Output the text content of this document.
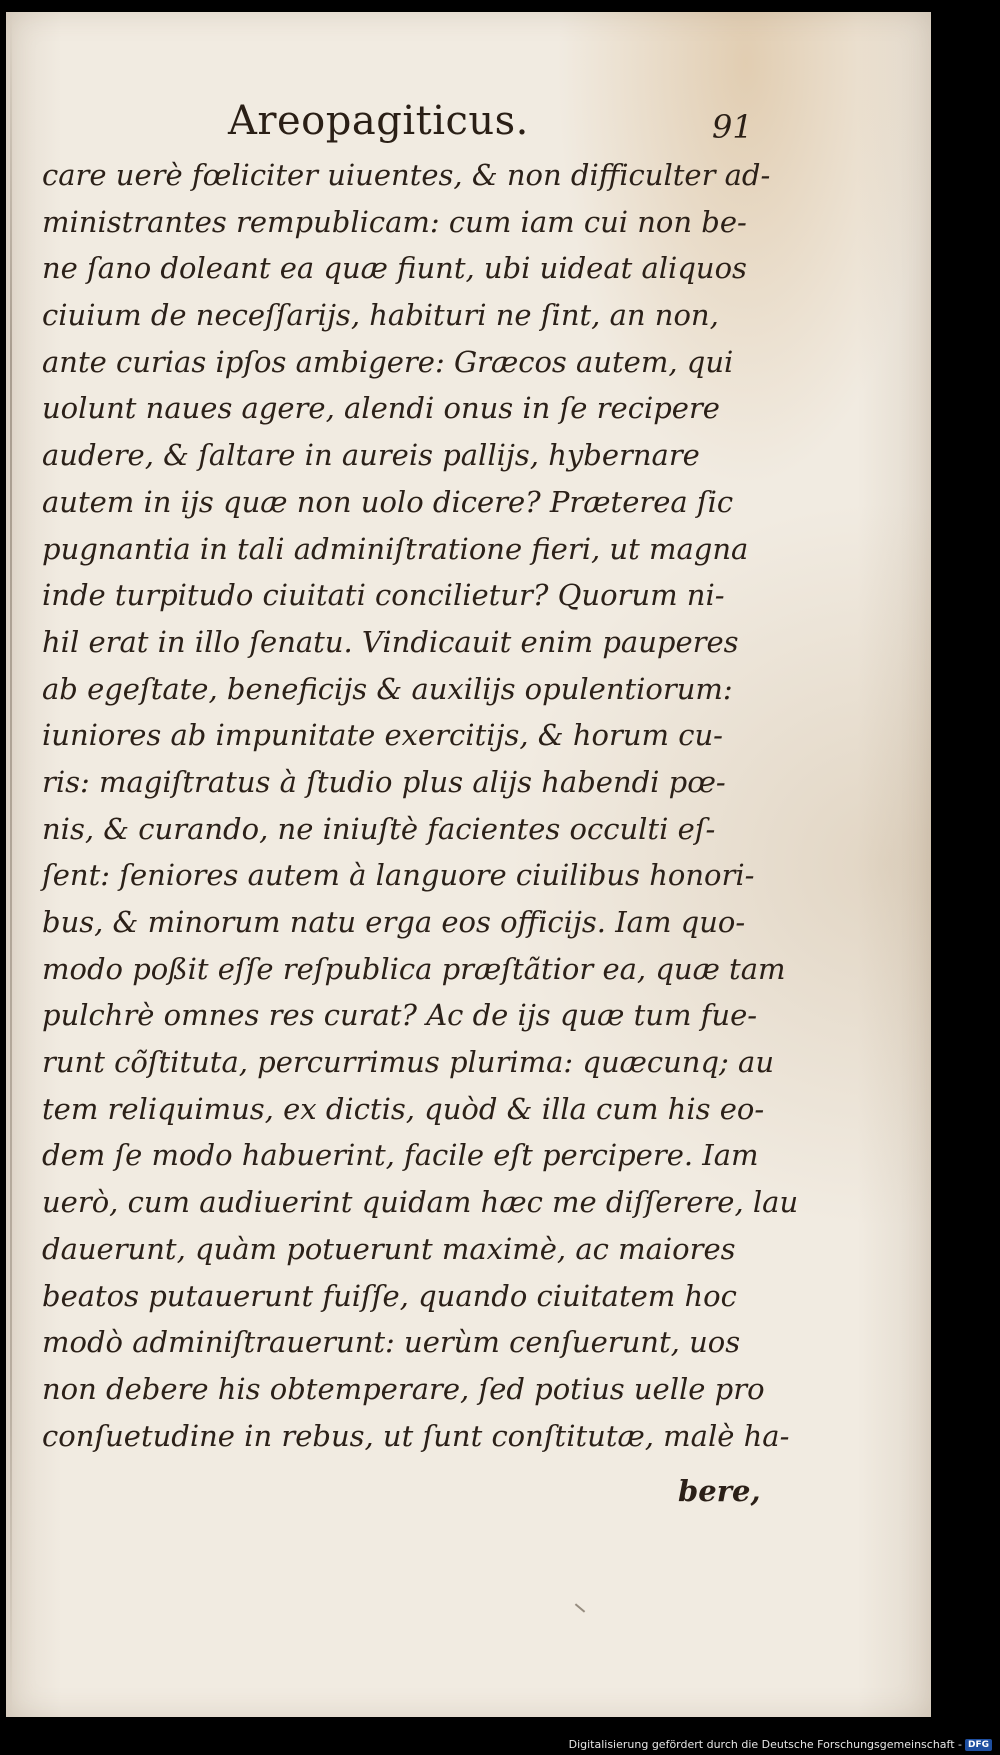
Areopagiticus.	91
care uerè fœliciter uiuentes, & non difficulter ad-
ministrantes rempublicam: cum iam cui non be-
ne ſano doleant ea quæ fiunt, ubi uideat aliquos
ciuium de neceſſarijs, habituri ne ſint, an non,
ante curias ipſos ambigere: Græcos autem, qui
uolunt naues agere, alendi onus in ſe recipere
audere, & ſaltare in aureis pallijs, hybernare
autem in ijs quæ non uolo dicere? Præterea ſic
pugnantia in tali adminiſtratione fieri, ut magna
inde turpitudo ciuitati concilietur? Quorum ni-
hil erat in illo ſenatu. Vindicauit enim pauperes
ab egeſtate, beneficijs & auxilijs opulentiorum:
iuniores ab impunitate exercitijs, & horum cu-
ris: magiſtratus à ſtudio plus alijs habendi pœ-
nis, & curando, ne iniuſtè facientes occulti eſ-
ſent: ſeniores autem à languore ciuilibus honori-
bus, & minorum natu erga eos officijs. Iam quo-
modo poßit eſſe reſpublica præſtãtior ea, quæ tam
pulchrè omnes res curat? Ac de ijs quæ tum fue-
runt cõſtituta, percurrimus plurima: quæcunq; au
tem reliquimus, ex dictis, quòd & illa cum his eo-
dem ſe modo habuerint, facile eſt percipere. Iam
uerò, cum audiuerint quidam hæc me diſſerere, lau
dauerunt, quàm potuerunt maximè, ac maiores
beatos putauerunt fuiſſe, quando ciuitatem hoc
modò adminiſtrauerunt: uerùm cenſuerunt, uos
non debere his obtemperare, ſed potius uelle pro
conſuetudine in rebus, ut ſunt conſtitutæ, malè ha-
bere,
Digitalisierung gefördert durch die Deutsche Forschungsgemeinschaft - DFG
